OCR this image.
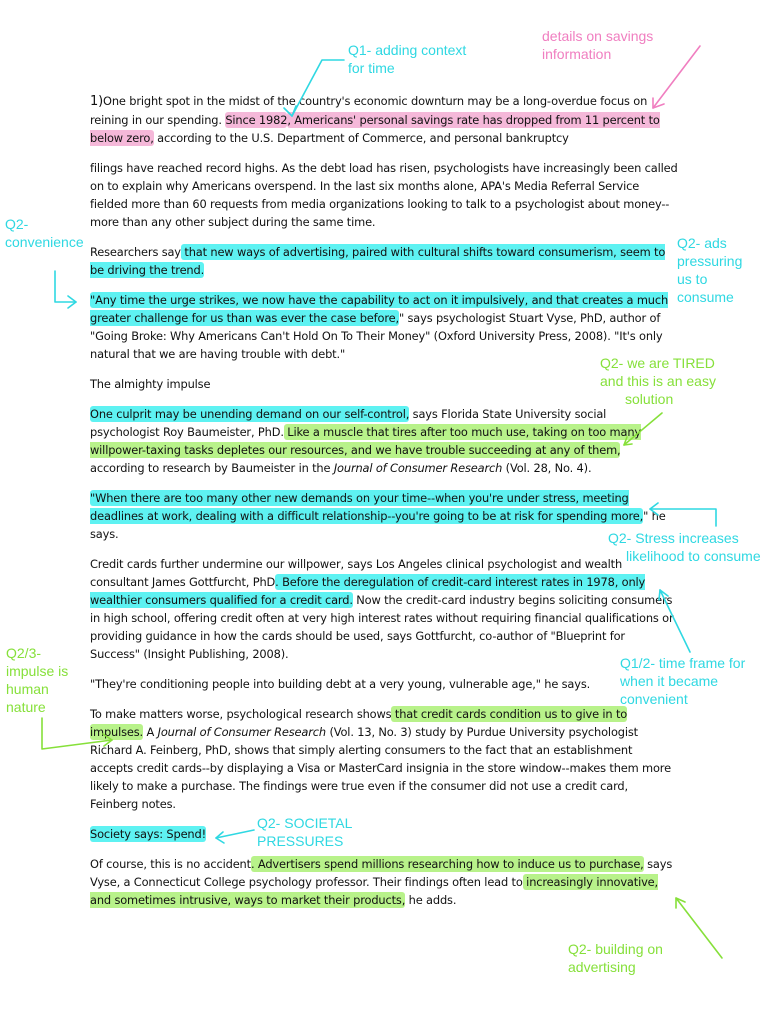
1)One bright spot in the midst of the country's economic downturn may be a long-overdue focus on reining in our spending. Since 1982, Americans' personal savings rate has dropped from 11 percent to below zero, according to the U.S. Department of Commerce, and personal bankruptcy

filings have reached record highs. As the debt load has risen, psychologists have increasingly been called on to explain why Americans overspend. In the last six months alone, APA's Media Referral Service fielded more than 60 requests from media organizations looking to talk to a psychologist about money--more than any other subject during the same time.

Researchers say that new ways of advertising, paired with cultural shifts toward consumerism, seem to be driving the trend.

"Any time the urge strikes, we now have the capability to act on it impulsively, and that creates a much greater challenge for us than was ever the case before," says psychologist Stuart Vyse, PhD, author of "Going Broke: Why Americans Can't Hold On To Their Money" (Oxford University Press, 2008). "It's only natural that we are having trouble with debt."

The almighty impulse

One culprit may be unending demand on our self-control, says Florida State University social psychologist Roy Baumeister, PhD. Like a muscle that tires after too much use, taking on too many willpower-taxing tasks depletes our resources, and we have trouble succeeding at any of them, according to research by Baumeister in the Journal of Consumer Research (Vol. 28, No. 4).

"When there are too many other new demands on your time--when you're under stress, meeting deadlines at work, dealing with a difficult relationship--you're going to be at risk for spending more," he says.

Credit cards further undermine our willpower, says Los Angeles clinical psychologist and wealth consultant James Gottfurcht, PhD. Before the deregulation of credit-card interest rates in 1978, only wealthier consumers qualified for a credit card. Now the credit-card industry begins soliciting consumers in high school, offering credit often at very high interest rates without requiring financial qualifications or providing guidance in how the cards should be used, says Gottfurcht, co-author of "Blueprint for Success" (Insight Publishing, 2008).

"They're conditioning people into building debt at a very young, vulnerable age," he says.

To make matters worse, psychological research shows that credit cards condition us to give in to impulses. A Journal of Consumer Research (Vol. 13, No. 3) study by Purdue University psychologist Richard A. Feinberg, PhD, shows that simply alerting consumers to the fact that an establishment accepts credit cards--by displaying a Visa or MasterCard insignia in the store window--makes them more likely to make a purchase. The findings were true even if the consumer did not use a credit card, Feinberg notes.

Society says: Spend!

Of course, this is no accident. Advertisers spend millions researching how to induce us to purchase, says Vyse, a Connecticut College psychology professor. Their findings often lead to increasingly innovative, and sometimes intrusive, ways to market their products, he adds.

Q1- adding context
for time
details on savings
information
Q2-
convenience	Q2- ads
pressuring
us to
consume
Q2- we are TIRED
and this is an easy
solution
Q2- Stress increases
likelihood to consume
Q2/3-
impulse is
human
nature
Q1/2- time frame for
when it became
convenient
Q2- SOCIETAL
PRESSURES
Q2- building on
advertising
